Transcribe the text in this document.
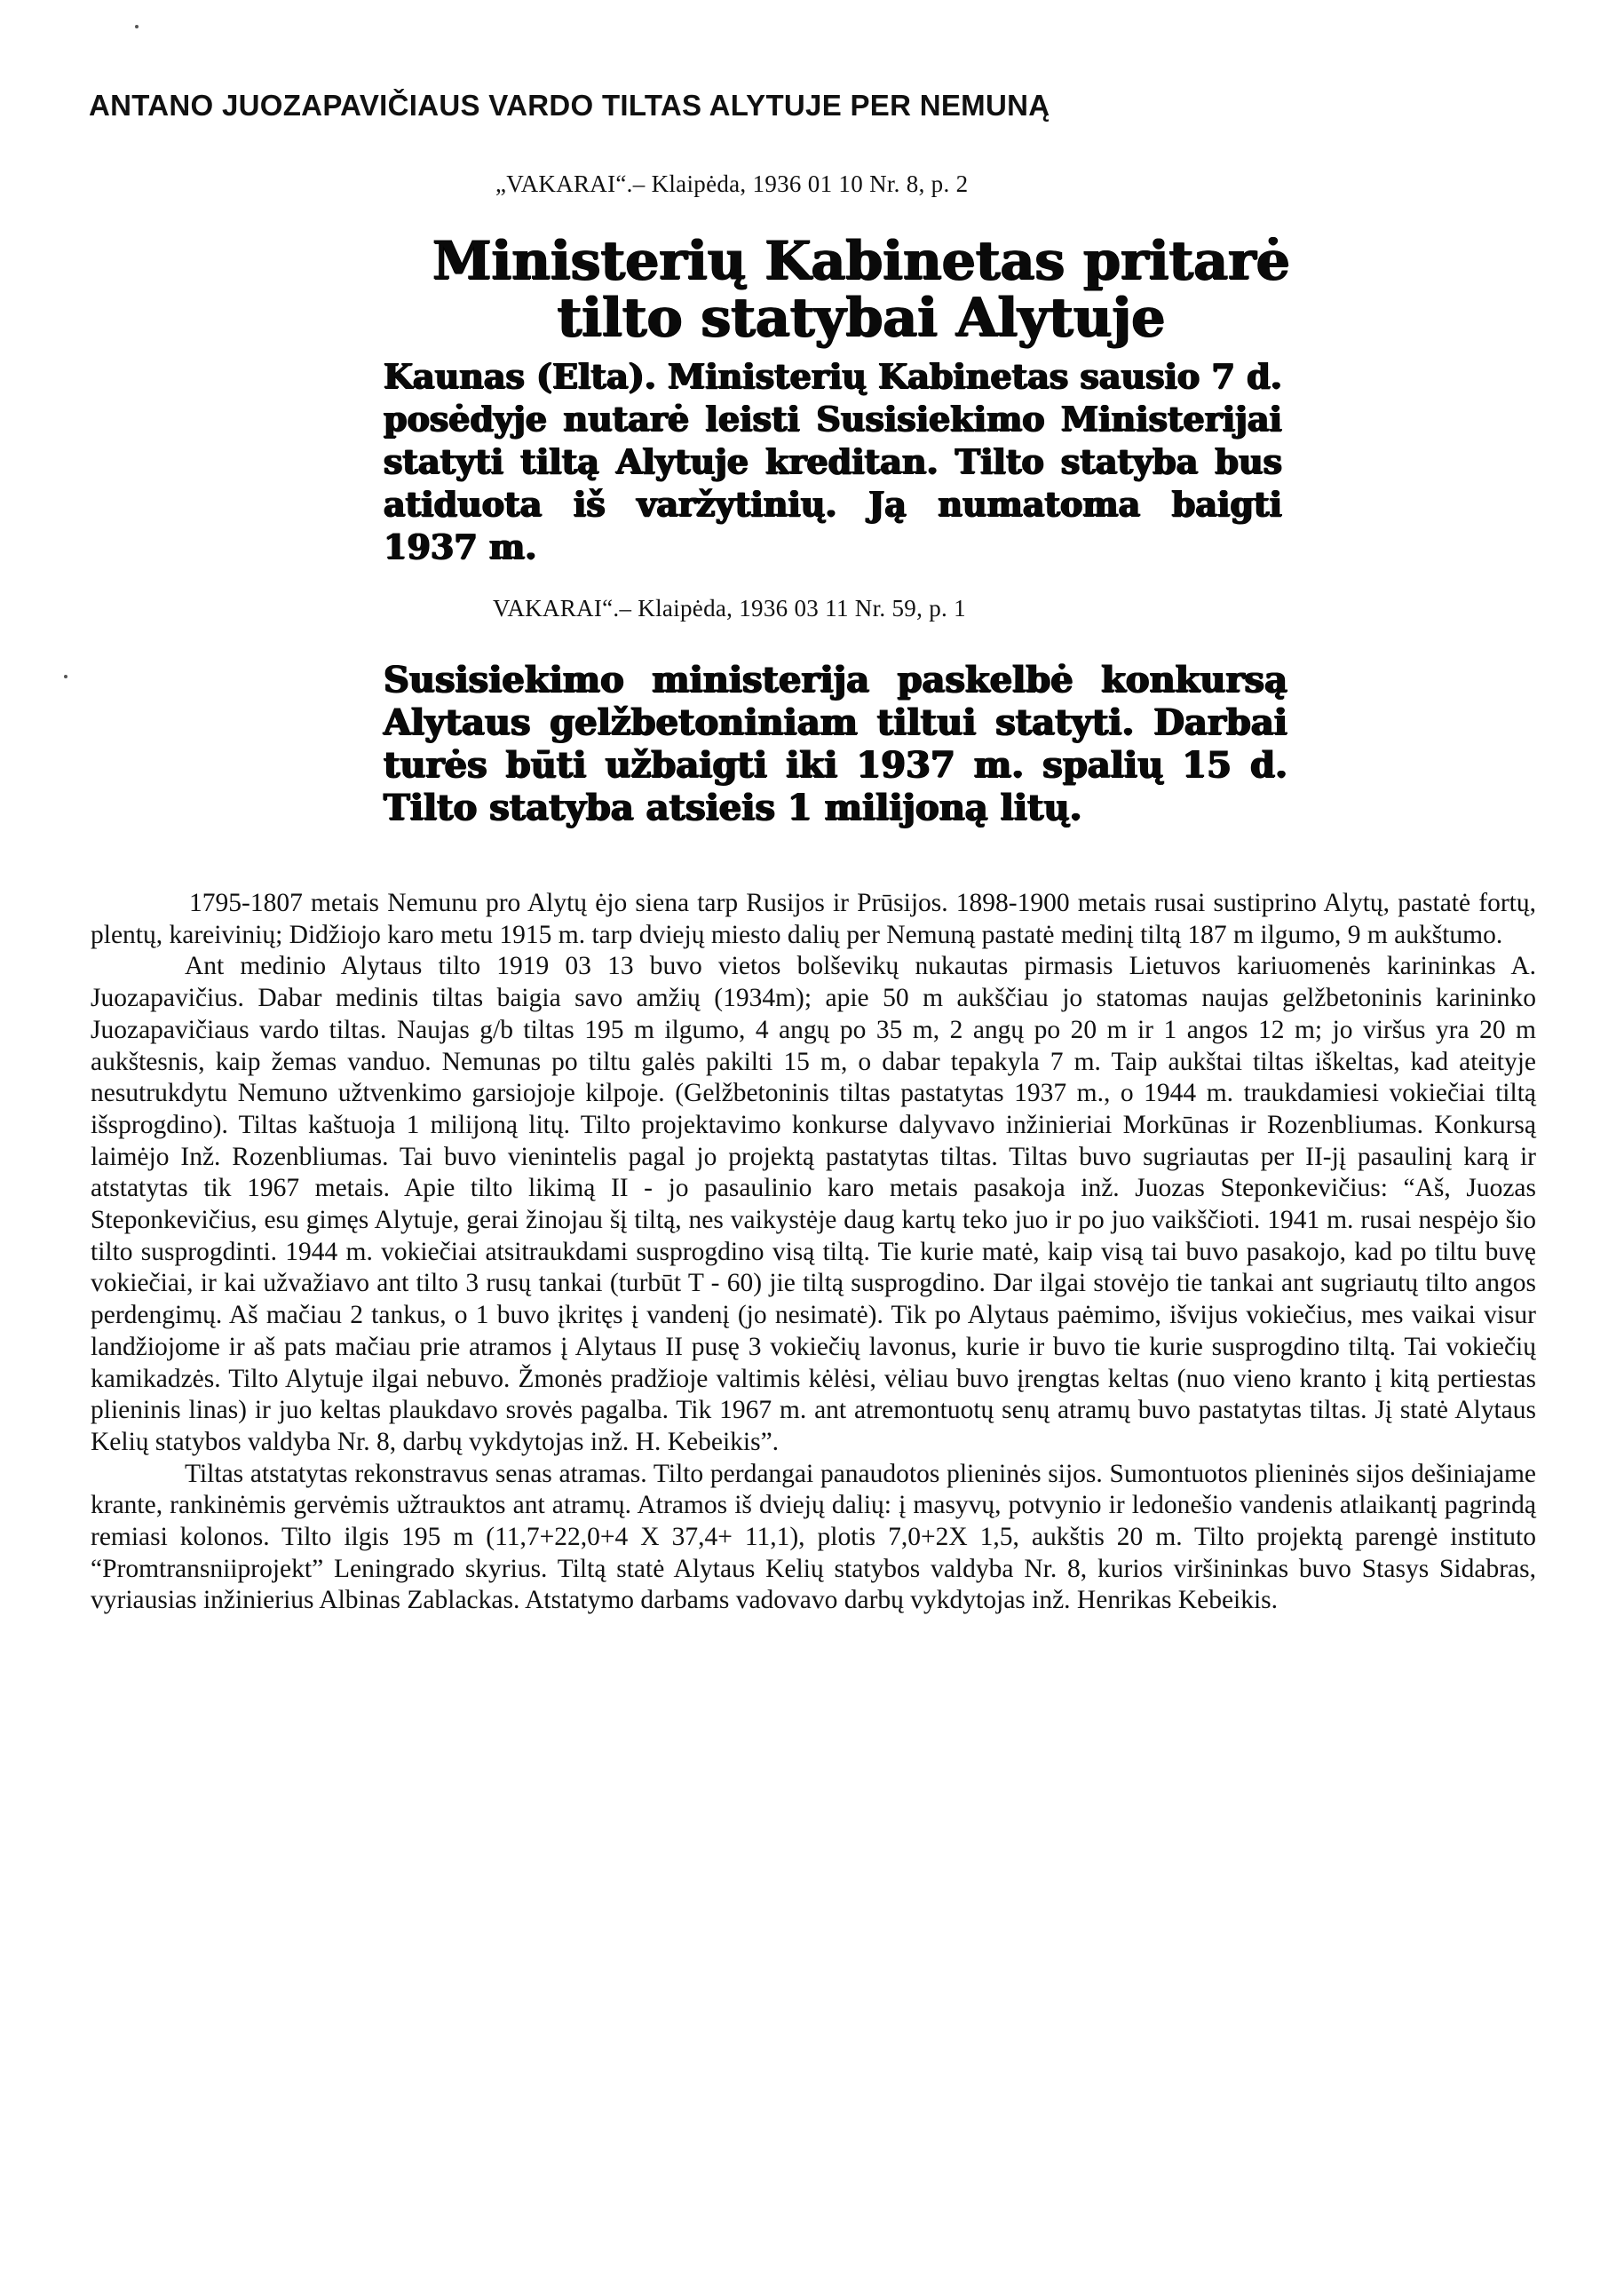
ANTANO JUOZAPAVIČIAUS VARDO TILTAS ALYTUJE PER NEMUNĄ
„VAKARAI“.– Klaipėda, 1936 01 10 Nr. 8, p. 2
Ministerių Kabinetas pritarė tilto statybai Alytuje
Kaunas (Elta). Ministerių Kabinetas sausio 7 d. posėdyje nutarė leisti Susisiekimo Ministerijai statyti tiltą Alytuje kreditan. Tilto statyba bus atiduota iš varžytinių. Ją numatoma baigti 1937 m.
VAKARAI“.– Klaipėda, 1936 03 11 Nr. 59, p. 1
Susisiekimo ministerija paskelbė konkursą Alytaus gelžbetoniniam tiltui statyti. Darbai turės būti užbaigti iki 1937 m. spalių 15 d. Tilto statyba atsieis 1 milijoną litų.

1795-1807 metais Nemunu pro Alytų ėjo siena tarp Rusijos ir Prūsijos. 1898-1900 metais rusai sustiprino Alytų, pastatė fortų, plentų, kareivinių; Didžiojo karo metu 1915 m. tarp dviejų miesto dalių per Nemuną pastatė medinį tiltą 187 m ilgumo, 9 m aukštumo.

Ant medinio Alytaus tilto 1919 03 13 buvo vietos bolševikų nukautas pirmasis Lietuvos kariuomenės karininkas A. Juozapavičius. Dabar medinis tiltas baigia savo amžių (1934m); apie 50 m aukščiau jo statomas naujas gelžbetoninis karininko Juozapavičiaus vardo tiltas. Naujas g/b tiltas 195 m ilgumo, 4 angų po 35 m, 2 angų po 20 m ir 1 angos 12 m; jo viršus yra 20 m aukštesnis, kaip žemas vanduo. Nemunas po tiltu galės pakilti 15 m, o dabar tepakyla 7 m. Taip aukštai tiltas iškeltas, kad ateityje nesutrukdytu Nemuno užtvenkimo garsiojoje kilpoje. (Gelžbetoninis tiltas pastatytas 1937 m., o 1944 m. traukdamiesi vokiečiai tiltą išsprogdino). Tiltas kaštuoja 1 milijoną litų. Tilto projektavimo konkurse dalyvavo inžinieriai Morkūnas ir Rozenbliumas. Konkursą laimėjo Inž. Rozenbliumas. Tai buvo vienintelis pagal jo projektą pastatytas tiltas. Tiltas buvo sugriautas per II-jį pasaulinį karą ir atstatytas tik 1967 metais. Apie tilto likimą II - jo pasaulinio karo metais pasakoja inž. Juozas Steponkevičius: “Aš, Juozas Steponkevičius, esu gimęs Alytuje, gerai žinojau šį tiltą, nes vaikystėje daug kartų teko juo ir po juo vaikščioti. 1941 m. rusai nespėjo šio tilto susprogdinti. 1944 m. vokiečiai atsitraukdami susprogdino visą tiltą. Tie kurie matė, kaip visą tai buvo pasakojo, kad po tiltu buvę vokiečiai, ir kai užvažiavo ant tilto 3 rusų tankai (turbūt T - 60) jie tiltą susprogdino. Dar ilgai stovėjo tie tankai ant sugriautų tilto angos perdengimų. Aš mačiau 2 tankus, o 1 buvo įkritęs į vandenį (jo nesimatė). Tik po Alytaus paėmimo, išvijus vokiečius, mes vaikai visur landžiojome ir aš pats mačiau prie atramos į Alytaus II pusę 3 vokiečių lavonus, kurie ir buvo tie kurie susprogdino tiltą. Tai vokiečių kamikadzės. Tilto Alytuje ilgai nebuvo. Žmonės pradžioje valtimis kėlėsi, vėliau buvo įrengtas keltas (nuo vieno kranto į kitą pertiestas plieninis linas) ir juo keltas plaukdavo srovės pagalba. Tik 1967 m. ant atremontuotų senų atramų buvo pastatytas tiltas. Jį statė Alytaus Kelių statybos valdyba Nr. 8, darbų vykdytojas inž. H. Kebeikis”.

Tiltas atstatytas rekonstravus senas atramas. Tilto perdangai panaudotos plieninės sijos. Sumontuotos plieninės sijos dešiniajame krante, rankinėmis gervėmis užtrauktos ant atramų. Atramos iš dviejų dalių: į masyvų, potvynio ir ledonešio vandenis atlaikantį pagrindą remiasi kolonos. Tilto ilgis 195 m (11,7+22,0+4 X 37,4+ 11,1), plotis 7,0+2X 1,5, aukštis 20 m. Tilto projektą parengė instituto “Promtransniiprojekt” Leningrado skyrius. Tiltą statė Alytaus Kelių statybos valdyba Nr. 8, kurios viršininkas buvo Stasys Sidabras, vyriausias inžinierius Albinas Zablackas. Atstatymo darbams vadovavo darbų vykdytojas inž. Henrikas Kebeikis.
